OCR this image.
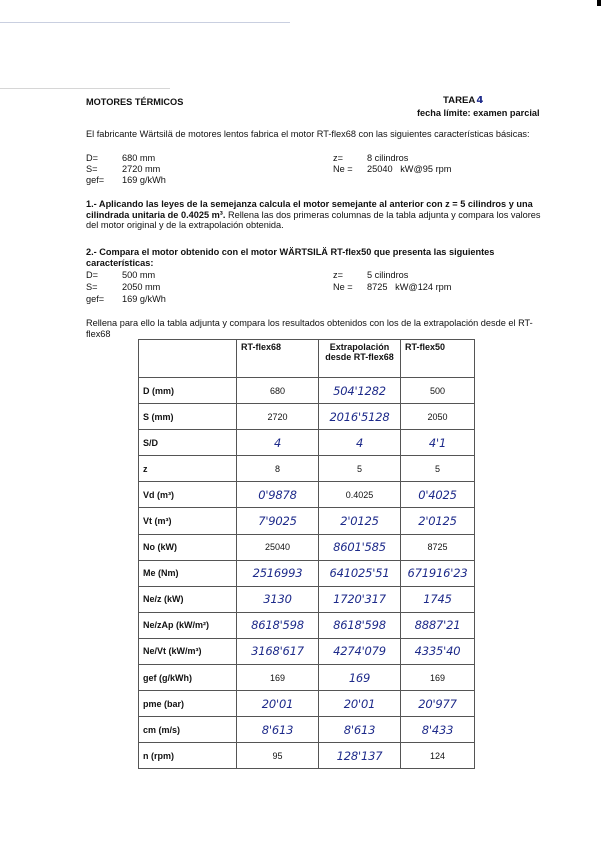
MOTORES TÉRMICOS	TAREA4
fecha límite: examen parcial
El fabricante Wärtsilä de motores lentos fabrica el motor RT-flex68 con las siguientes características básicas:
D=	680 mm
S=	2720 mm
gef= 169 g/kWh
z=	8 cilindros
Ne = 25040   kW@95 rpm
1.- Aplicando las leyes de la semejanza calcula el motor semejante al anterior con z = 5 cilindros y una cilindrada unitaria de 0.4025 m³. Rellena las dos primeras columnas de la tabla adjunta y compara los valores del motor original y de la extrapolación obtenida.
2.- Compara el motor obtenido con el motor WÄRTSILÄ RT-flex50 que presenta las siguientes características:
D=	500 mm
S=	2050 mm
gef= 169 g/kWh
z=	5 cilindros
Ne = 8725   kW@124 rpm
Rellena para ello la tabla adjunta y compara los resultados obtenidos con los de la extrapolación desde el RT-flex68
	RT-flex68	Extrapolación desde RT-flex68	RT-flex50
D (mm)	680	504'1282	500
S (mm)	2720	2016'5128	2050
S/D	4	4	4'1
z	8	5	5
Vd (m³)	0'9878	0.4025	0'4025
Vt (m³)	7'9025	2'0125	2'0125
No (kW)	25040	8601'585	8725
Me (Nm)	2516993	641025'51	671916'23
Ne/z (kW)	3130	1720'317	1745
Ne/zAp (kW/m²)	8618'598	8618'598	8887'21
Ne/Vt (kW/m³)	3168'617	4274'079	4335'40
gef (g/kWh)	169	169	169
pme (bar)	20'01	20'01	20'977
cm (m/s)	8'613	8'613	8'433
n (rpm)	95	128'137	124
